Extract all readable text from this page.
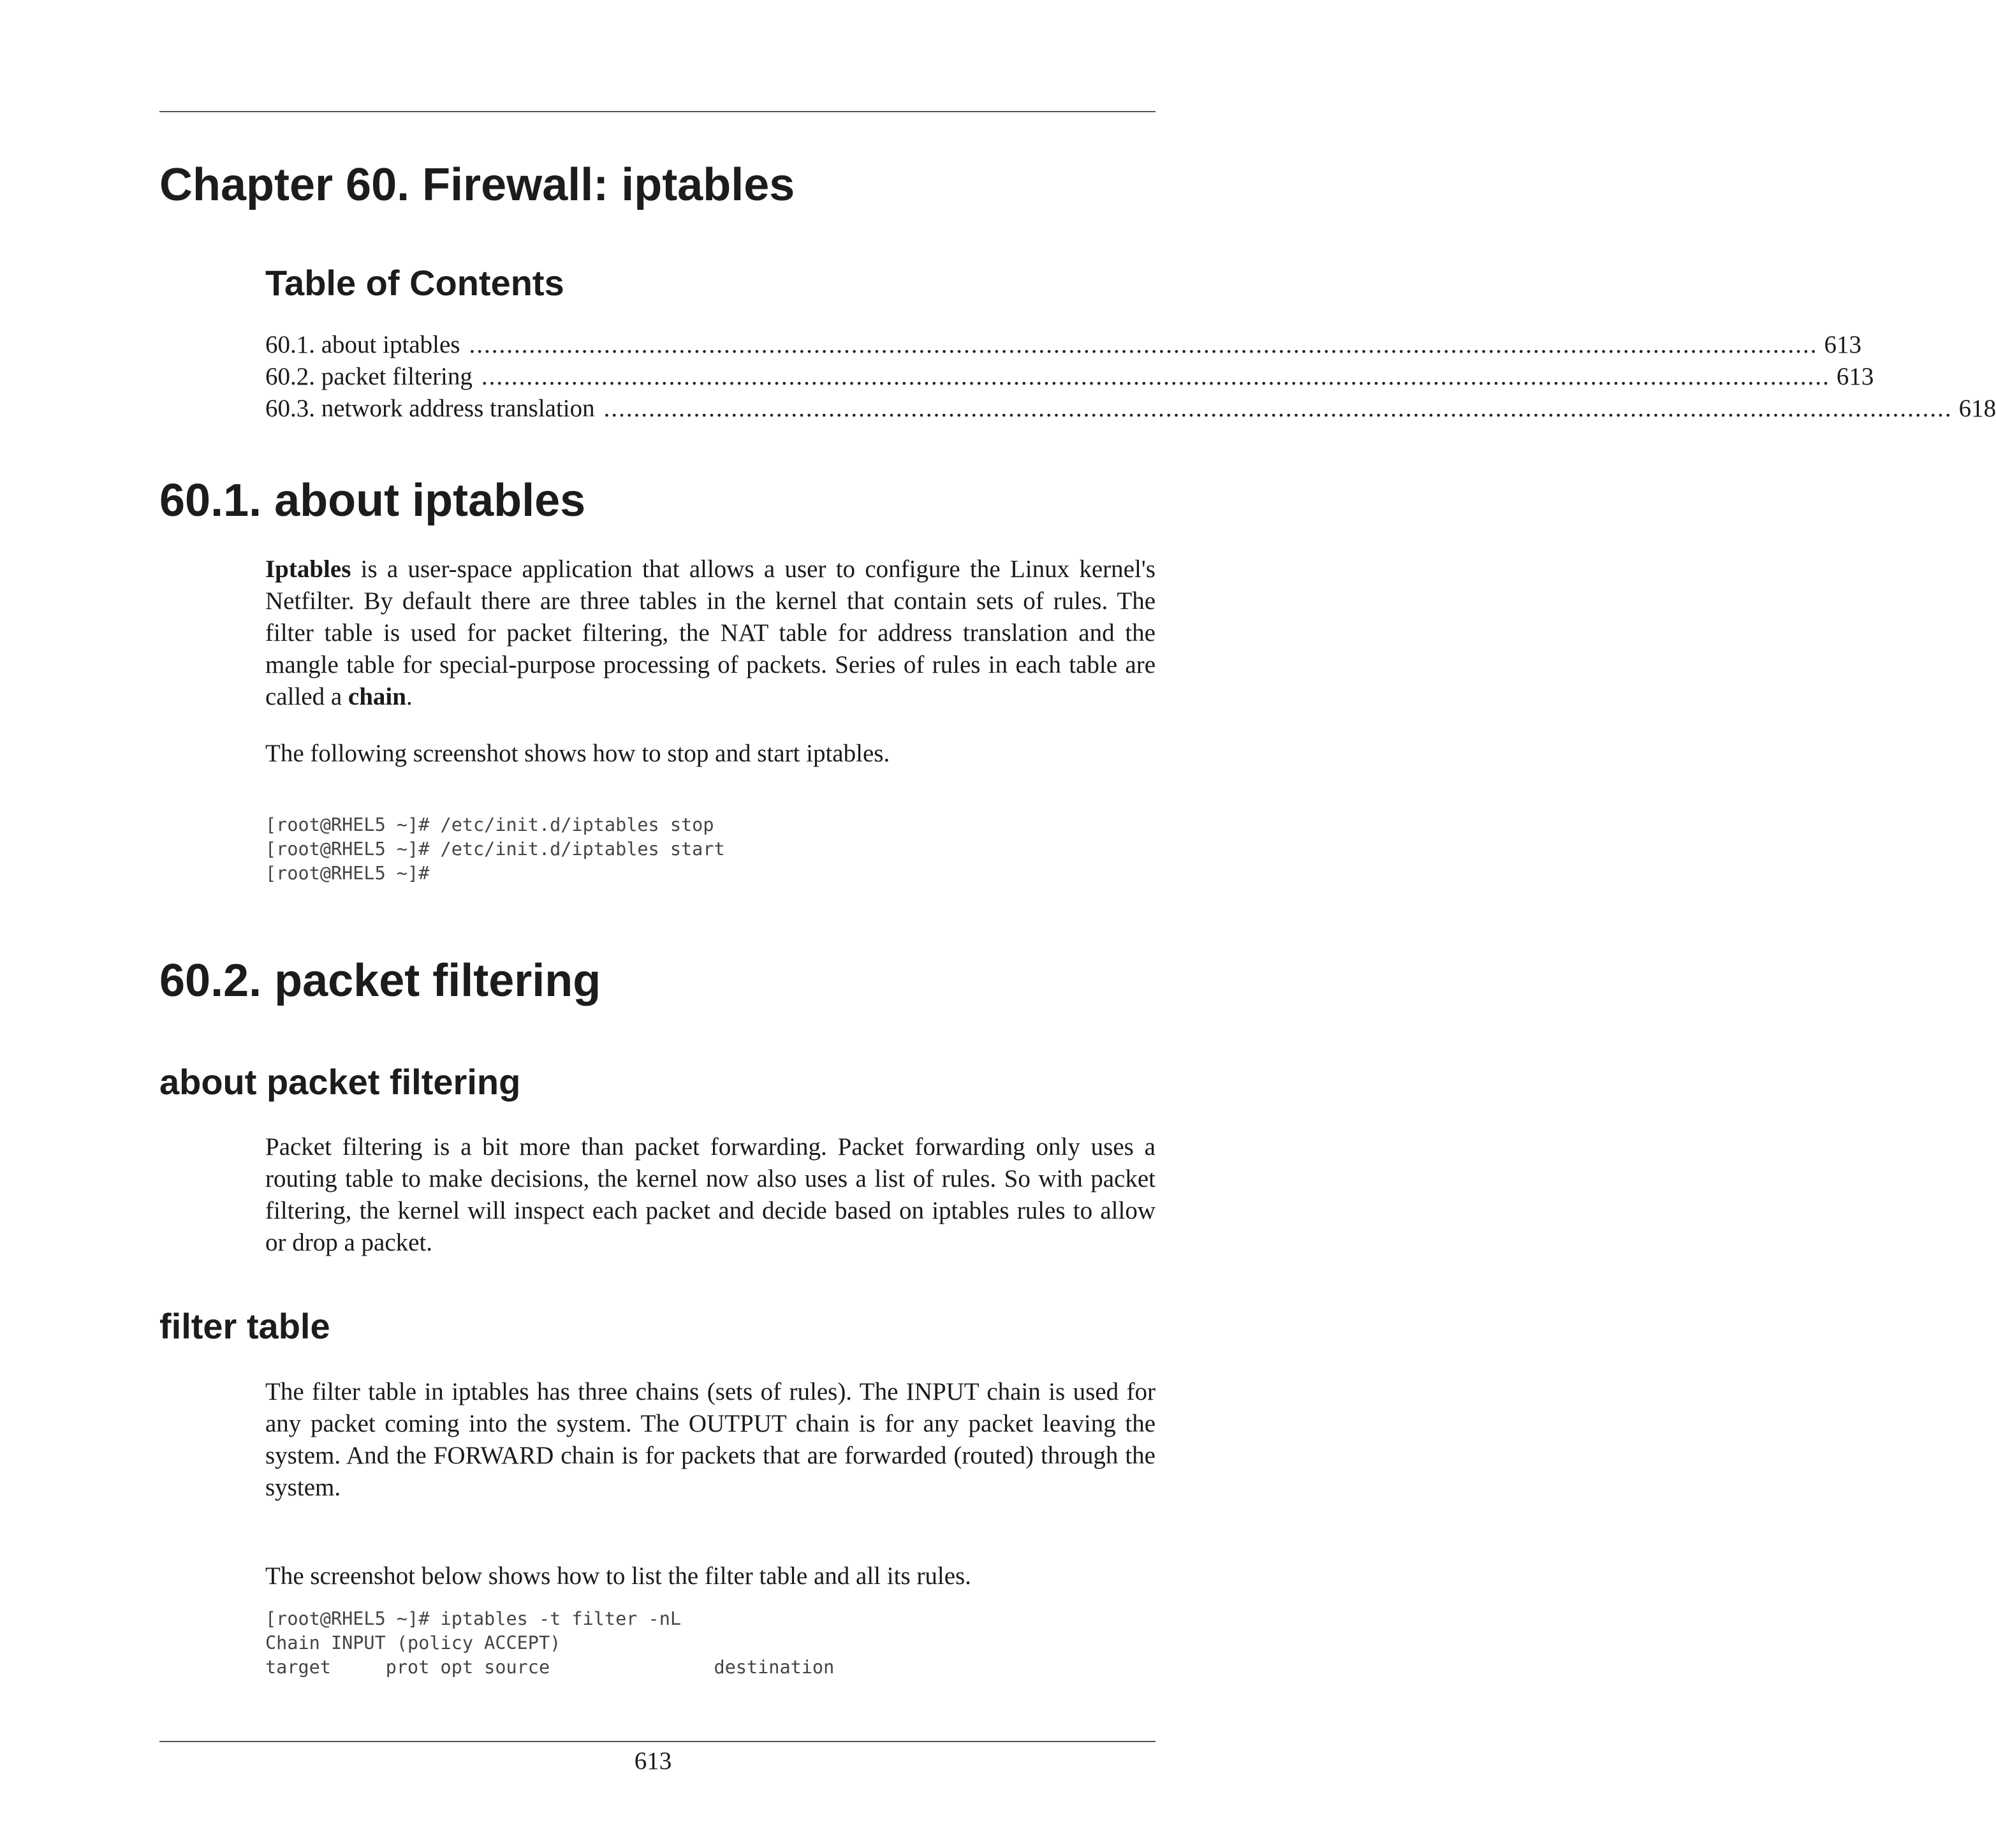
Chapter 60. Firewall: iptables
Table of Contents
60.1. about iptables .................................................................................................................................................................................... 613
60.2. packet filtering .................................................................................................................................................................................... 613
60.3. network address translation .................................................................................................................................................................................... 618
60.1. about iptables

Iptables is a user-space application that allows a user to configure the Linux kernel's Netfilter. By default there are three tables in the kernel that contain sets of rules. The filter table is used for packet filtering, the NAT table for address translation and the mangle table for special-purpose processing of packets. Series of rules in each table are called a chain.

The following screenshot shows how to stop and start iptables.

[root@RHEL5 ~]# /etc/init.d/iptables stop
[root@RHEL5 ~]# /etc/init.d/iptables start
[root@RHEL5 ~]#
60.2. packet filtering
about packet filtering

Packet filtering is a bit more than packet forwarding. Packet forwarding only uses a routing table to make decisions, the kernel now also uses a list of rules. So with packet filtering, the kernel will inspect each packet and decide based on iptables rules to allow or drop a packet.

filter table

The filter table in iptables has three chains (sets of rules). The INPUT chain is used for any packet coming into the system. The OUTPUT chain is for any packet leaving the system. And the FORWARD chain is for packets that are forwarded (routed) through the system.

The screenshot below shows how to list the filter table and all its rules.

[root@RHEL5 ~]# iptables -t filter -nL
Chain INPUT (policy ACCEPT)
target     prot opt source               destination
613
